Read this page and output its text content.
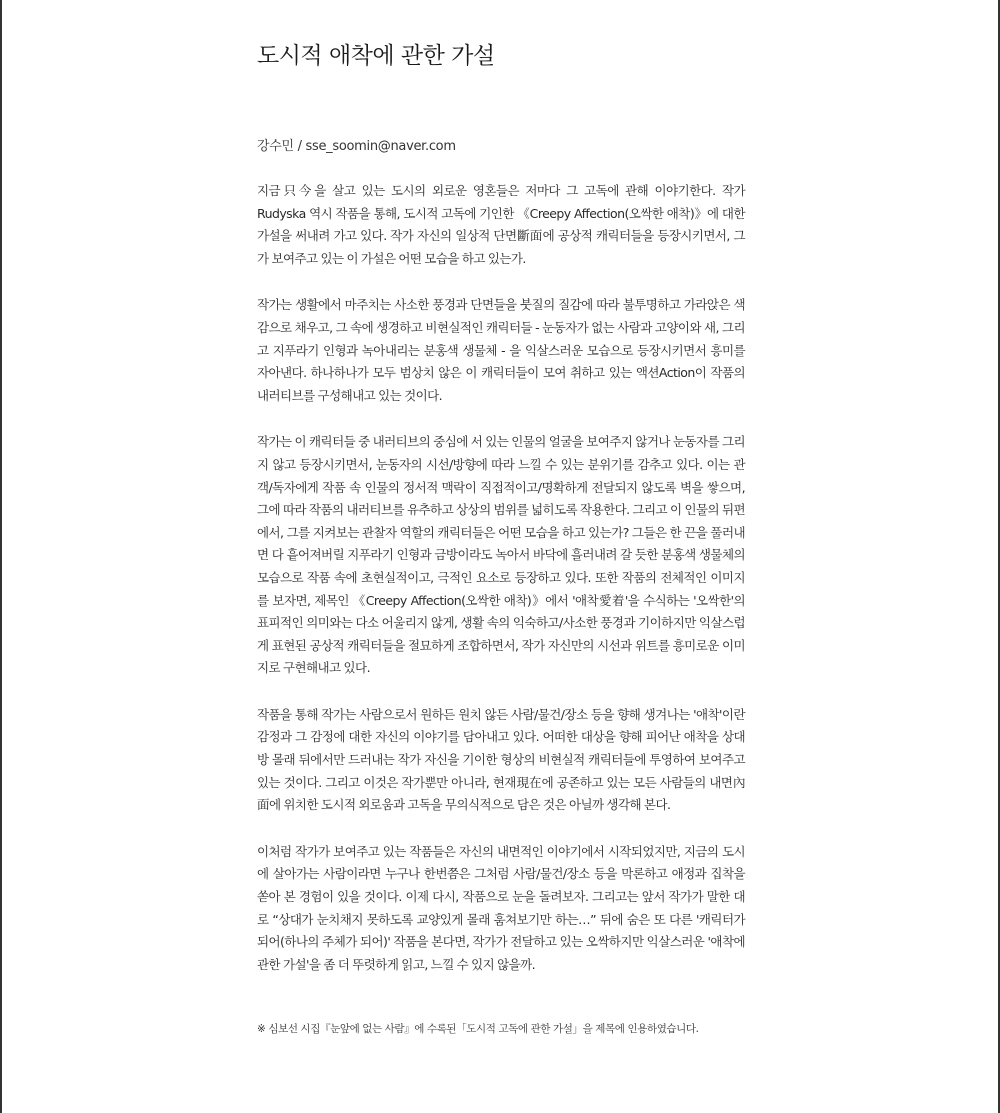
도시적 애착에 관한 가설

강수민 / sse_soomin@naver.com

지금只今을 살고 있는 도시의 외로운 영혼들은 저마다 그 고독에 관해 이야기한다. 작가 Rudyska 역시 작품을 통해, 도시적 고독에 기인한 《Creepy Affection(오싹한 애착)》에 대한 가설을 써내려 가고 있다. 작가 자신의 일상적 단면斷面에 공상적 캐릭터들을 등장시키면서, 그가 보여주고 있는 이 가설은 어떤 모습을 하고 있는가.

작가는 생활에서 마주치는 사소한 풍경과 단면들을 붓질의 질감에 따라 불투명하고 가라앉은 색감으로 채우고, 그 속에 생경하고 비현실적인 캐릭터들 - 눈동자가 없는 사람과 고양이와 새, 그리고 지푸라기 인형과 녹아내리는 분홍색 생물체 - 을 익살스러운 모습으로 등장시키면서 흥미를 자아낸다. 하나하나가 모두 범상치 않은 이 캐릭터들이 모여 취하고 있는 액션Action이 작품의 내러티브를 구성해내고 있는 것이다.

작가는 이 캐릭터들 중 내러티브의 중심에 서 있는 인물의 얼굴을 보여주지 않거나 눈동자를 그리지 않고 등장시키면서, 눈동자의 시선/방향에 따라 느낄 수 있는 분위기를 감추고 있다. 이는 관객/독자에게 작품 속 인물의 정서적 맥락이 직접적이고/명확하게 전달되지 않도록 벽을 쌓으며, 그에 따라 작품의 내러티브를 유추하고 상상의 범위를 넓히도록 작용한다. 그리고 이 인물의 뒤편에서, 그를 지켜보는 관찰자 역할의 캐릭터들은 어떤 모습을 하고 있는가? 그들은 한 끈을 풀러내면 다 흩어져버릴 지푸라기 인형과 금방이라도 녹아서 바닥에 흘러내려 갈 듯한 분홍색 생물체의 모습으로 작품 속에 초현실적이고, 극적인 요소로 등장하고 있다. 또한 작품의 전체적인 이미지를 보자면, 제목인 《Creepy Affection(오싹한 애착)》에서 '애착愛着'을 수식하는 '오싹한'의 표피적인 의미와는 다소 어울리지 않게, 생활 속의 익숙하고/사소한 풍경과 기이하지만 익살스럽게 표현된 공상적 캐릭터들을 절묘하게 조합하면서, 작가 자신만의 시선과 위트를 흥미로운 이미지로 구현해내고 있다.

작품을 통해 작가는 사람으로서 원하든 원치 않든 사람/물건/장소 등을 향해 생겨나는 '애착'이란 감정과 그 감정에 대한 자신의 이야기를 담아내고 있다. 어떠한 대상을 향해 피어난 애착을 상대방 몰래 뒤에서만 드러내는 작가 자신을 기이한 형상의 비현실적 캐릭터들에 투영하여 보여주고 있는 것이다. 그리고 이것은 작가뿐만 아니라, 현재現在에 공존하고 있는 모든 사람들의 내면內面에 위치한 도시적 외로움과 고독을 무의식적으로 담은 것은 아닐까 생각해 본다.

이처럼 작가가 보여주고 있는 작품들은 자신의 내면적인 이야기에서 시작되었지만, 지금의 도시에 살아가는 사람이라면 누구나 한번쯤은 그처럼 사람/물건/장소 등을 막론하고 애정과 집착을 쏟아 본 경험이 있을 것이다. 이제 다시, 작품으로 눈을 돌려보자. 그리고는 앞서 작가가 말한 대로 “상대가 눈치채지 못하도록 교양있게 몰래 훔쳐보기만 하는…” 뒤에 숨은 또 다른 '캐릭터가 되어(하나의 주체가 되어)' 작품을 본다면, 작가가 전달하고 있는 오싹하지만 익살스러운 '애착에 관한 가설'을 좀 더 뚜렷하게 읽고, 느낄 수 있지 않을까.

※ 심보선 시집『눈앞에 없는 사람』에 수록된「도시적 고독에 관한 가설」을 제목에 인용하였습니다.
